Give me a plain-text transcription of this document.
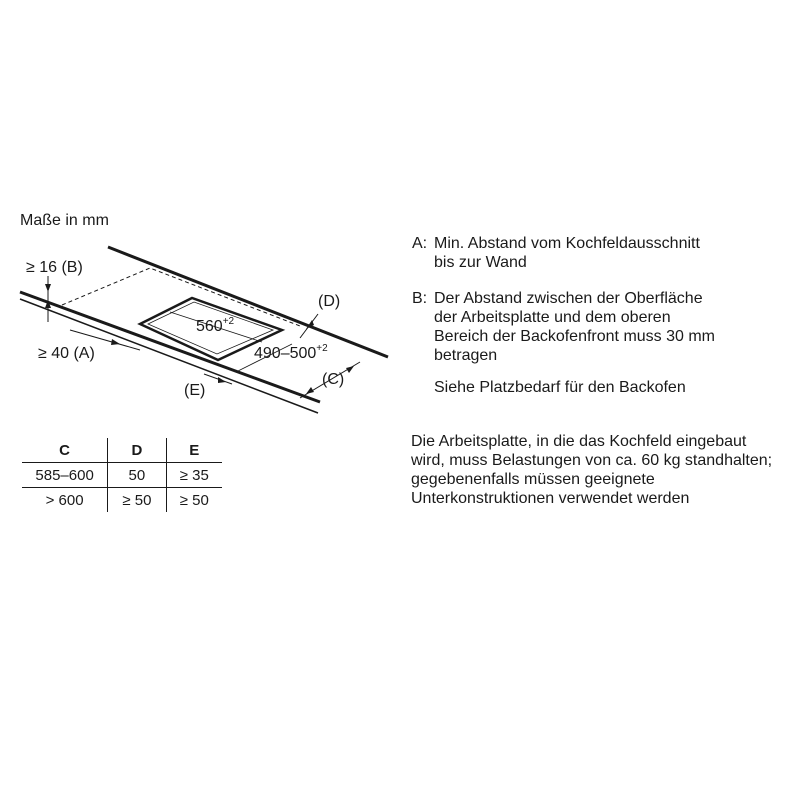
Maße in mm
≥ 16 (B)
≥ 40 (A)
$560^{+2}$
$490-500^{+2}$
(D)
(C)
(E)
C	D	E
585–600	50	≥ 35
> 600	≥ 50	≥ 50
A: Min. Abstand vom Kochfeldausschnitt
bis zur Wand
B: Der Abstand zwischen der Oberfläche
der Arbeitsplatte und dem oberen
Bereich der Backofenfront muss 30 mm
betragen
Siehe Platzbedarf für den Backofen
Die Arbeitsplatte, in die das Kochfeld eingebaut wird, muss Belastungen von ca. 60 kg standhalten; gegebenenfalls müssen geeignete Unterkonstruktionen verwendet werden
